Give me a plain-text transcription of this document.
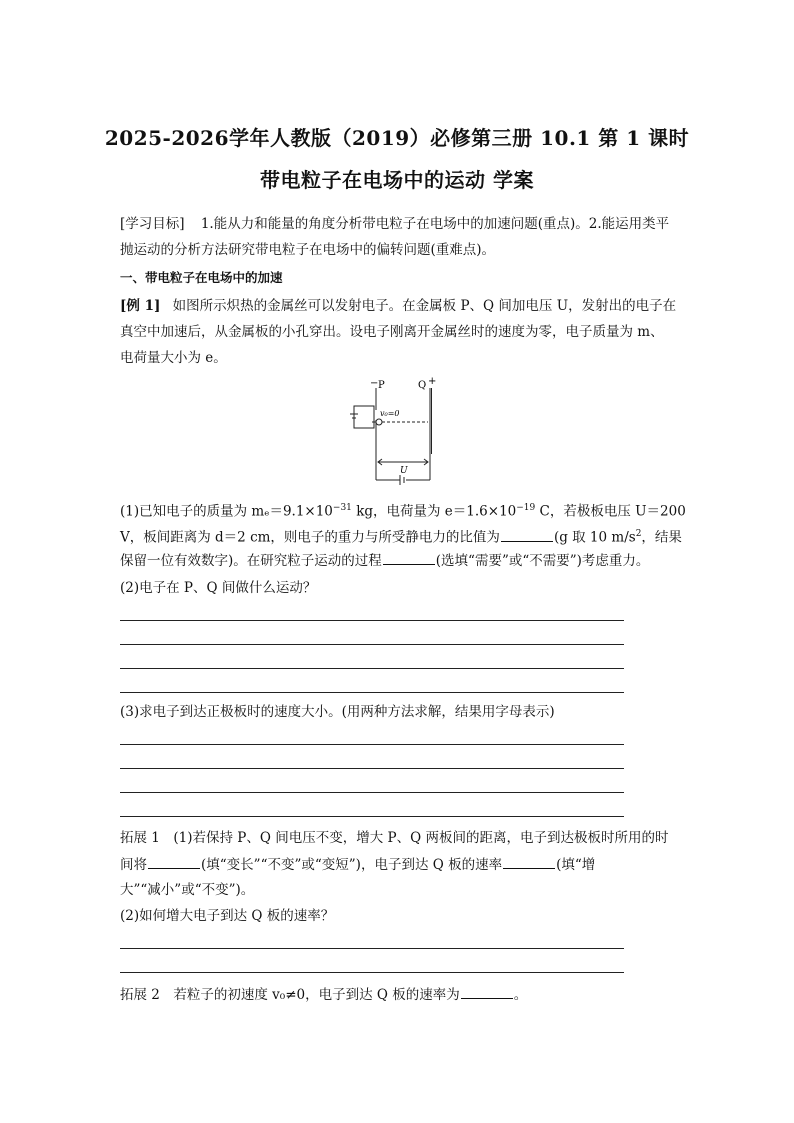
2025-2026学年人教版（2019）必修第三册 10.1 第 1 课时
带电粒子在电场中的运动 学案
[学习目标] 1.能从力和能量的角度分析带电粒子在电场中的加速问题(重点)。2.能运用类平
抛运动的分析方法研究带电粒子在电场中的偏转问题(重难点)。
一、带电粒子在电场中的加速
[例 1] 如图所示炽热的金属丝可以发射电子。在金属板 P、Q 间加电压 U，发射出的电子在
真空中加速后，从金属板的小孔穿出。设电子刚离开金属丝时的速度为零，电子质量为 m、
电荷量大小为 e。
P
−	Q +
v₀=0
U
(1)已知电子的质量为 $m_e=9.1\times 10^{-31}$ kg，电荷量为 $e=1.6\times 10^{-19}$ C，若极板电压 U＝200
V，板间距离为 d＝2 cm，则电子的重力与所受静电力的比值为	(g 取 10 $m/s^2$，结果
保留一位有效数字)。在研究粒子运动的过程	(选填“需要”或“不需要”)考虑重力。
(2)电子在 P、Q 间做什么运动？
(3)求电子到达正极板时的速度大小。(用两种方法求解，结果用字母表示)
拓展 1　(1)若保持 P、Q 间电压不变，增大 P、Q 两板间的距离，电子到达极板时所用的时
间将	(填“变长”“不变”或“变短”)，电子到达 Q 板的速率	(填“增
大”“减小”或“不变”)。
(2)如何增大电子到达 Q 板的速率？
拓展 2　若粒子的初速度 v₀≠0，电子到达 Q 板的速率为	。
